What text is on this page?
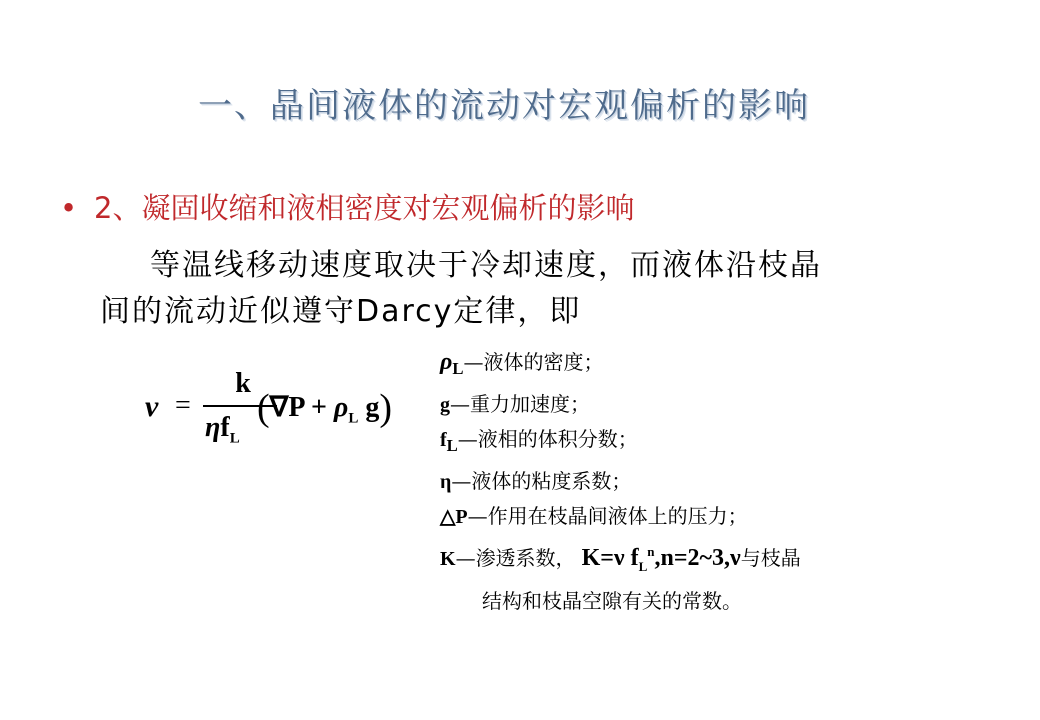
一、晶间液体的流动对宏观偏析的影响
• 2、凝固收缩和液相密度对宏观偏析的影响
等温线移动速度取决于冷却速度，而液体沿枝晶
间的流动近似遵守Darcy定律，即
ν =
k
$\eta f_L$
($\nabla P + \rho_L$ g)
$\rho_L—$液体的密度；
g—重力加速度；
$f_L—$液相的体积分数；
η—液体的粘度系数；
△P—作用在枝晶间液体上的压力；
K—渗透系数， K=ν $f_L^n,n=2\sim 3,\nu$与枝晶
结构和枝晶空隙有关的常数。
